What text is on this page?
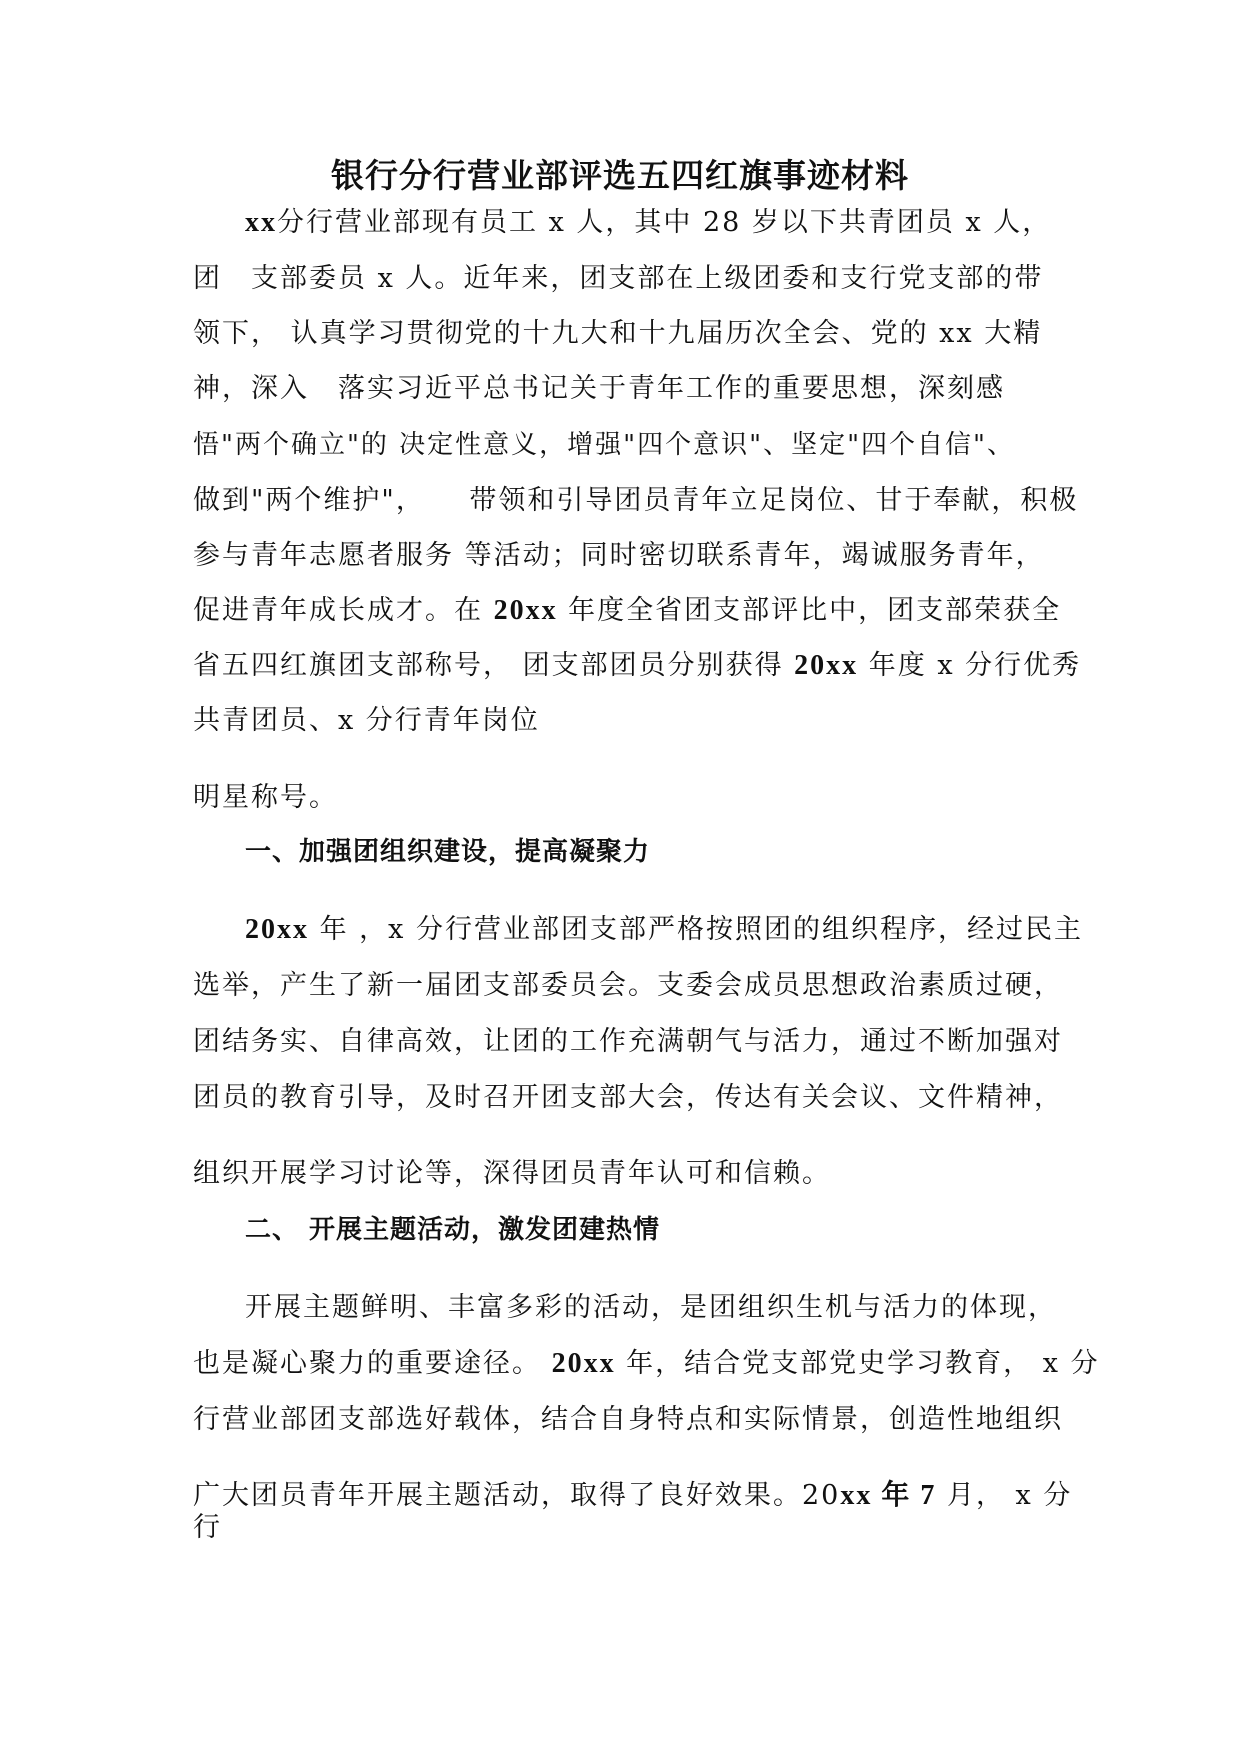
银行分行营业部评选五四红旗事迹材料
xx分行营业部现有员工 x 人，其中 28 岁以下共青团员 x 人，
团　支部委员 x 人。近年来，团支部在上级团委和支行党支部的带
领下， 认真学习贯彻党的十九大和十九届历次全会、党的 xx 大精
神，深入　落实习近平总书记关于青年工作的重要思想，深刻感
悟"两个确立"的 决定性意义，增强"四个意识"、坚定"四个自信"、
做到"两个维护"，　　带领和引导团员青年立足岗位、甘于奉献，积极
参与青年志愿者服务 等活动；同时密切联系青年，竭诚服务青年，
促进青年成长成才。在 20xx 年度全省团支部评比中，团支部荣获全
省五四红旗团支部称号， 团支部团员分别获得 20xx 年度 x 分行优秀
共青团员、x 分行青年岗位
明星称号。
一、加强团组织建设，提高凝聚力
20xx 年 ，x 分行营业部团支部严格按照团的组织程序，经过民主
选举，产生了新一届团支部委员会。支委会成员思想政治素质过硬，
团结务实、自律高效，让团的工作充满朝气与活力，通过不断加强对
团员的教育引导，及时召开团支部大会，传达有关会议、文件精神，
组织开展学习讨论等，深得团员青年认可和信赖。
二、 开展主题活动，激发团建热情
开展主题鲜明、丰富多彩的活动，是团组织生机与活力的体现，
也是凝心聚力的重要途径。 20xx 年，结合党支部党史学习教育， x 分
行营业部团支部选好载体，结合自身特点和实际情景，创造性地组织
广大团员青年开展主题活动，取得了良好效果。20xx 年 7 月， x 分
行
